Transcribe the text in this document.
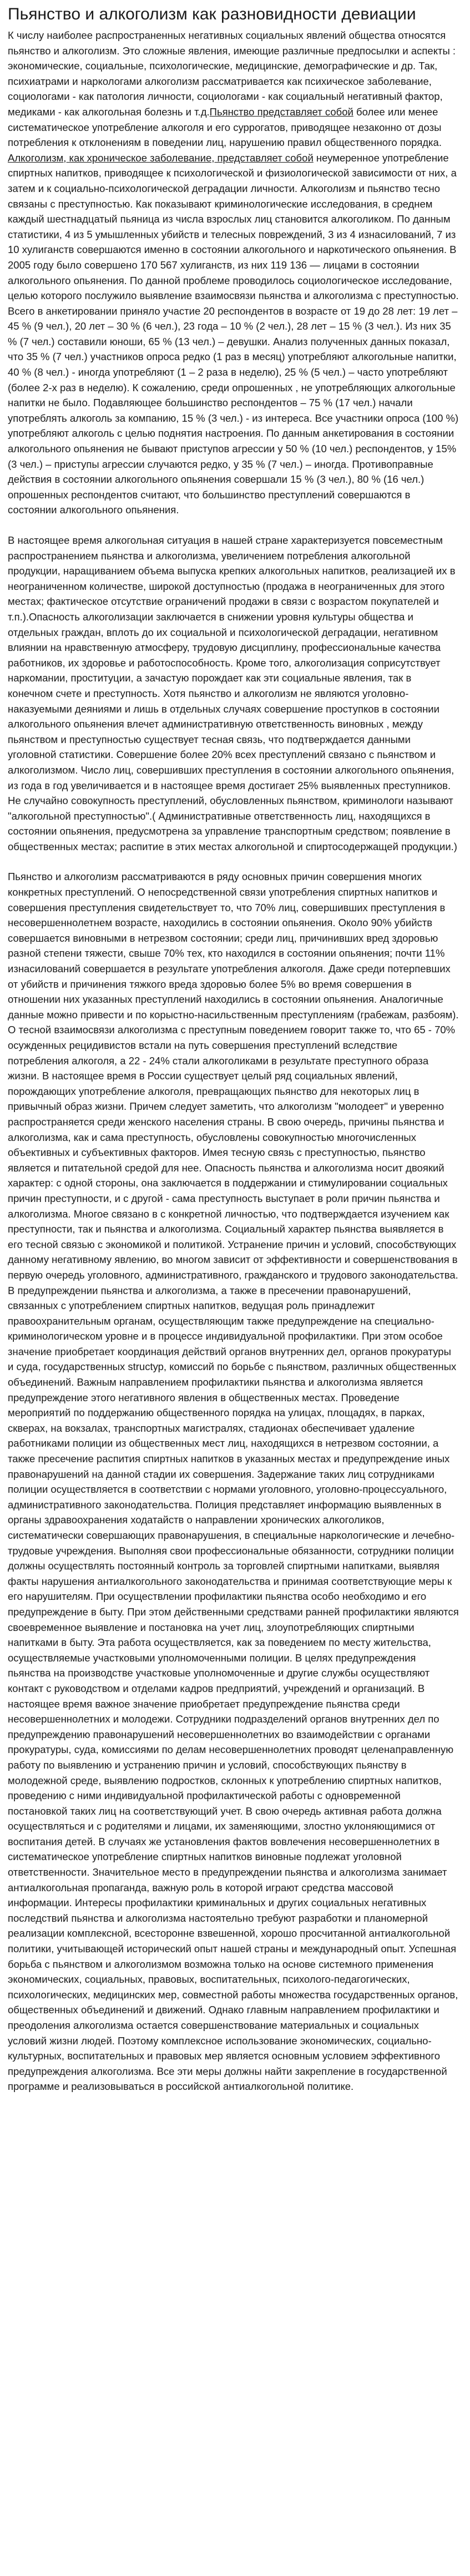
Пьянство и алкоголизм как разновидности девиации

К числу наиболее распространенных негативных социальных явлений общества относятся пьянство и алкоголизм. Это сложные явления, имеющие различные предпосылки и аспекты : экономические, социальные, психологические, медицинские, демографические и др. Так, психиатрами и наркологами алкоголизм рассматривается как психическое заболевание, социологами - как патология личности, социологами - как социальный негативный фактор, медиками - как алкогольная болезнь и т.д.Пьянство представляет собой более или менее систематическое употребление алкоголя и его суррогатов, приводящее незаконно от дозы потребления к отклонениям в поведении лиц, нарушению правил общественного порядка. Алкоголизм, как хроническое заболевание, представляет собой неумеренное употребление спиртных напитков, приводящее к психологической и физиологической зависимости от них, а затем и к социально-психологической деградации личности. Алкоголизм и пьянство тесно связаны с преступностью. Как показывают криминологические исследования, в среднем каждый шестнадцатый пьяница из числа взрослых лиц становится алкоголиком. По данным статистики, 4 из 5 умышленных убийств и телесных повреждений, 3 из 4 изнасилований, 7 из 10 хулиганств совершаются именно в состоянии алкогольного и наркотического опьянения. В 2005 году было совершено 170 567 хулиганств, из них 119 136 — лицами в состоянии алкогольного опьянения. По данной проблеме проводилось социологическое исследование, целью которого послужило выявление взаимосвязи пьянства и алкоголизма с преступностью. Всего в анкетировании приняло участие 20 респондентов в возрасте от 19 до 28 лет: 19 лет – 45 % (9 чел.), 20 лет – 30 % (6 чел.), 23 года – 10 % (2 чел.), 28 лет – 15 % (3 чел.). Из них 35 % (7 чел.) составили юноши, 65 % (13 чел.) – девушки. Анализ полученных данных показал, что 35 % (7 чел.) участников опроса редко (1 раз в месяц) употребляют алкогольные напитки, 40 % (8 чел.) - иногда употребляют (1 – 2 раза в неделю), 25 % (5 чел.) – часто употребляют (более 2-х раз в неделю). К сожалению, среди опрошенных , не употребляющих алкогольные напитки не было. Подавляющее большинство респондентов – 75 % (17 чел.) начали употреблять алкоголь за компанию, 15 % (3 чел.) - из интереса. Все участники опроса (100 %) употребляют алкоголь с целью поднятия настроения. По данным анкетирования в состоянии алкогольного опьянения не бывают приступов агрессии у 50 % (10 чел.) респондентов, у 15% (3 чел.) – приступы агрессии случаются редко, у 35 % (7 чел.) – иногда. Противоправные действия в состоянии алкогольного опьянения совершали 15 % (3 чел.), 80 % (16 чел.) опрошенных респондентов считают, что большинство преступлений совершаются в состоянии алкогольного опьянения.

В настоящее время алкогольная ситуация в нашей стране характеризуется повсеместным распространением пьянства и алкоголизма, увеличением потребления алкогольной продукции, наращиванием объема выпуска крепких алкогольных напитков, реализацией их в неограниченном количестве, широкой доступностью (продажа в неограниченных для этого местах; фактическое отсутствие ограничений продажи в связи с возрастом покупателей и т.п.).Опасность алкоголизации заключается в снижении уровня культуры общества и отдельных граждан, вплоть до их социальной и психологической деградации, негативном влиянии на нравственную атмосферу, трудовую дисциплину, профессиональные качества работников, их здоровье и работоспособность. Кроме того, алкоголизация соприсутствует наркомании, проституции, а зачастую порождает как эти социальные явления, так в конечном счете и преступность. Хотя пьянство и алкоголизм не являются уголовно-наказуемыми деяниями и лишь в отдельных случаях совершение проступков в состоянии алкогольного опьянения влечет административную ответственность виновных , между пьянством и преступностью существует тесная связь, что подтверждается данными уголовной статистики. Совершение более 20% всех преступлений связано с пьянством и алкоголизмом. Число лиц, совершивших преступления в состоянии алкогольного опьянения, из года в год увеличивается и в настоящее время достигает 25% выявленных преступников. Не случайно совокупность преступлений, обусловленных пьянством, криминологи называют "алкогольной преступностью".( Административные ответственность лиц, находящихся в состоянии опьянения, предусмотрена за управление транспортным средством; появление в общественных местах; распитие в этих местах алкогольной и спиртосодержащей продукции.)

Пьянство и алкоголизм рассматриваются в ряду основных причин совершения многих конкретных преступлений. О непосредственной связи употребления спиртных напитков и совершения преступления свидетельствует то, что 70% лиц, совершивших преступления в несовершеннолетнем возрасте, находились в состоянии опьянения. Около 90% убийств совершается виновными в нетрезвом состоянии; среди лиц, причинивших вред здоровью разной степени тяжести, свыше 70% тех, кто находился в состоянии опьянения; почти 11% изнасилований совершается в результате употребления алкоголя. Даже среди потерпевших от убийств и причинения тяжкого вреда здоровью более 5% во время совершения в отношении них указанных преступлений находились в состоянии опьянения. Аналогичные данные можно привести и по корыстно-насильственным преступлениям (грабежам, разбоям). О тесной взаимосвязи алкоголизма с преступным поведением говорит также то, что 65 - 70% осужденных рецидивистов встали на путь совершения преступлений вследствие потребления алкоголя, а 22 - 24% стали алкоголиками в результате преступного образа жизни. В настоящее время в России существует целый ряд социальных явлений, порождающих употребление алкоголя, превращающих пьянство для некоторых лиц в привычный образ жизни. Причем следует заметить, что алкоголизм "молодеет" и уверенно распространяется среди женского населения страны. В свою очередь, причины пьянства и алкоголизма, как и сама преступность, обусловлены совокупностью многочисленных объективных и субъективных факторов. Имея тесную связь с преступностью, пьянство является и питательной средой для нее. Опасность пьянства и алкоголизма носит двоякий характер: с одной стороны, она заключается в поддержании и стимулировании социальных причин преступности, и с другой - сама преступность выступает в роли причин пьянства и алкоголизма. Многое связано в с конкретной личностью, что подтверждается изучением как преступности, так и пьянства и алкоголизма. Социальный характер пьянства выявляется в его тесной связью с экономикой и политикой. Устранение причин и условий, способствующих данному негативному явлению, во многом зависит от эффективности и совершенствования в первую очередь уголовного, административного, гражданского и трудового законодательства. В предупреждении пьянства и алкоголизма, а также в пресечении правонарушений, связанных с употреблением спиртных напитков, ведущая роль принадлежит правоохранительным органам, осуществляющим также предупреждение на специально-криминологическом уровне и в процессе индивидуальной профилактики. При этом особое значение приобретает координация действий органов внутренних дел, органов прокуратуры и суда, государственных structур, комиссий по борьбе с пьянством, различных общественных объединений. Важным направлением профилактики пьянства и алкоголизма является предупреждение этого негативного явления в общественных местах. Проведение мероприятий по поддержанию общественного порядка на улицах, площадях, в парках, скверах, на вокзалах, транспортных магистралях, стадионах обеспечивает удаление работниками полиции из общественных мест лиц, находящихся в нетрезвом состоянии, а также пресечение распития спиртных напитков в указанных местах и предупреждение иных правонарушений на данной стадии их совершения. Задержание таких лиц сотрудниками полиции осуществляется в соответствии с нормами уголовного, уголовно-процессуального, административного законодательства. Полиция представляет информацию выявленных в органы здравоохранения ходатайств о направлении хронических алкоголиков, систематически совершающих правонарушения, в специальные наркологические и лечебно-трудовые учреждения. Выполняя свои профессиональные обязанности, сотрудники полиции должны осуществлять постоянный контроль за торговлей спиртными напитками, выявляя факты нарушения антиалкогольного законодательства и принимая соответствующие меры к его нарушителям. При осуществлении профилактики пьянства особо необходимо и его предупреждение в быту. При этом действенными средствами ранней профилактики являются своевременное выявление и постановка на учет лиц, злоупотребляющих спиртными напитками в быту. Эта работа осуществляется, как за поведением по месту жительства, осуществляемые участковыми уполномоченными полиции. В целях предупреждения пьянства на производстве участковые уполномоченные и другие службы осуществляют контакт с руководством и отделами кадров предприятий, учреждений и организаций. В настоящее время важное значение приобретает предупреждение пьянства среди несовершеннолетних и молодежи. Сотрудники подразделений органов внутренних дел по предупреждению правонарушений несовершеннолетних во взаимодействии с органами прокуратуры, суда, комиссиями по делам несовершеннолетних проводят целенаправленную работу по выявлению и устранению причин и условий, способствующих пьянству в молодежной среде, выявлению подростков, склонных к употреблению спиртных напитков, проведению с ними индивидуальной профилактической работы с одновременной постановкой таких лиц на соответствующий учет. В свою очередь активная работа должна осуществляться и с родителями и лицами, их заменяющими, злостно уклоняющимися от воспитания детей. В случаях же установления фактов вовлечения несовершеннолетних в систематическое употребление спиртных напитков виновные подлежат уголовной ответственности. Значительное место в предупреждении пьянства и алкоголизма занимает антиалкогольная пропаганда, важную роль в которой играют средства массовой информации. Интересы профилактики криминальных и других социальных негативных последствий пьянства и алкоголизма настоятельно требуют разработки и планомерной реализации комплексной, всесторонне взвешенной, хорошо просчитанной антиалкогольной политики, учитывающей исторический опыт нашей страны и международный опыт. Успешная борьба с пьянством и алкоголизмом возможна только на основе системного применения экономических, социальных, правовых, воспитательных, психолого-педагогических, психологических, медицинских мер, совместной работы множества государственных органов, общественных объединений и движений. Однако главным направлением профилактики и преодоления алкоголизма остается совершенствование материальных и социальных условий жизни людей. Поэтому комплексное использование экономических, социально-культурных, воспитательных и правовых мер является основным условием эффективного предупреждения алкоголизма. Все эти меры должны найти закрепление в государственной программе и реализовываться в российской антиалкогольной политике.
